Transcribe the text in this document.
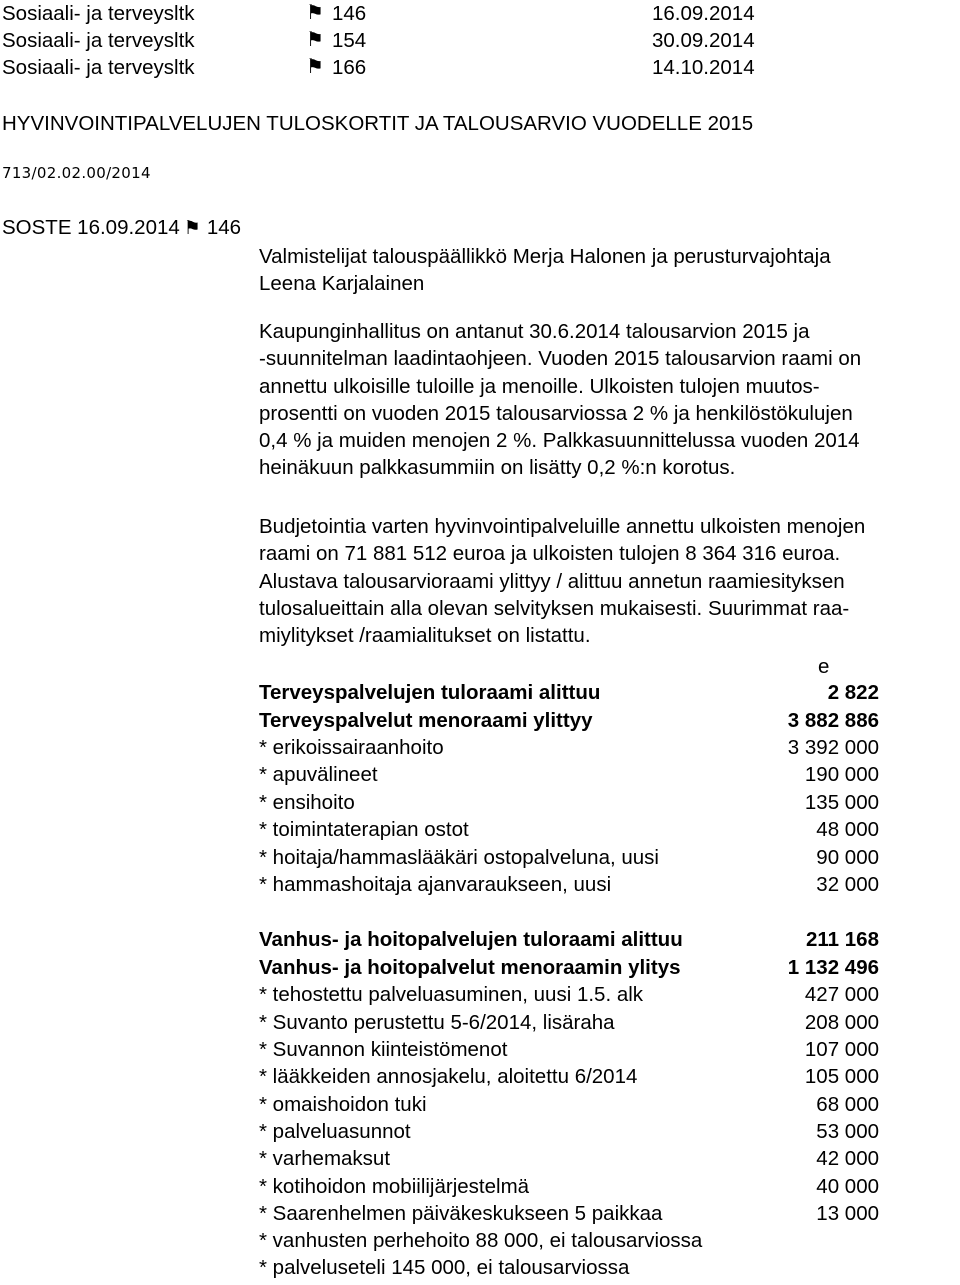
Sosiaali- ja terveysltk	146	16.09.2014
Sosiaali- ja terveysltk	154	30.09.2014
Sosiaali- ja terveysltk	166	14.10.2014
⚑
⚑
⚑
HYVINVOINTIPALVELUJEN TULOSKORTIT JA TALOUSARVIO VUODELLE 2015
713/02.02.00/2014
SOSTE 16.09.2014 ⚑ 146
Valmistelijat talouspäällikkö Merja Halonen ja perusturvajohtaja
Leena Karjalainen
Kaupunginhallitus on antanut 30.6.2014 talousarvion 2015 ja
-suunnitelman laadintaohjeen. Vuoden 2015 talousarvion raami on
annettu ulkoisille tuloille ja menoille. Ulkoisten tulojen muutos-
prosentti on vuoden 2015 talousarviossa 2 % ja henkilöstökulujen
0,4 % ja muiden menojen 2 %. Palkkasuunnittelussa vuoden 2014
heinäkuun palkkasummiin on lisätty 0,2 %:n korotus.
Budjetointia varten hyvinvointipalveluille annettu ulkoisten menojen
raami on 71 881 512 euroa ja ulkoisten tulojen 8 364 316 euroa.
Alustava talousarvioraami ylittyy / alittuu annetun raamiesityksen
tulosalueittain alla olevan selvityksen mukaisesti. Suurimmat raa-
miylitykset /raamialitukset on listattu.
e
Terveyspalvelujen tuloraami alittuu	2 822
Terveyspalvelut menoraami ylittyy	3 882 886
* erikoissairaanhoito	3 392 000
* apuvälineet	190 000
* ensihoito	135 000
* toimintaterapian ostot	48 000
* hoitaja/hammaslääkäri ostopalveluna, uusi	90 000
* hammashoitaja ajanvaraukseen, uusi	32 000
Vanhus- ja hoitopalvelujen tuloraami alittuu	211 168
Vanhus- ja hoitopalvelut menoraamin ylitys	1 132 496
* tehostettu palveluasuminen, uusi 1.5. alk	427 000
* Suvanto perustettu 5-6/2014, lisäraha	208 000
* Suvannon kiinteistömenot	107 000
* lääkkeiden annosjakelu, aloitettu 6/2014	105 000
* omaishoidon tuki	68 000
* palveluasunnot	53 000
* varhemaksut	42 000
* kotihoidon mobiilijärjestelmä	40 000
* Saarenhelmen päiväkeskukseen 5 paikkaa	13 000
* vanhusten perhehoito 88 000, ei talousarviossa
* palveluseteli 145 000, ei talousarviossa
